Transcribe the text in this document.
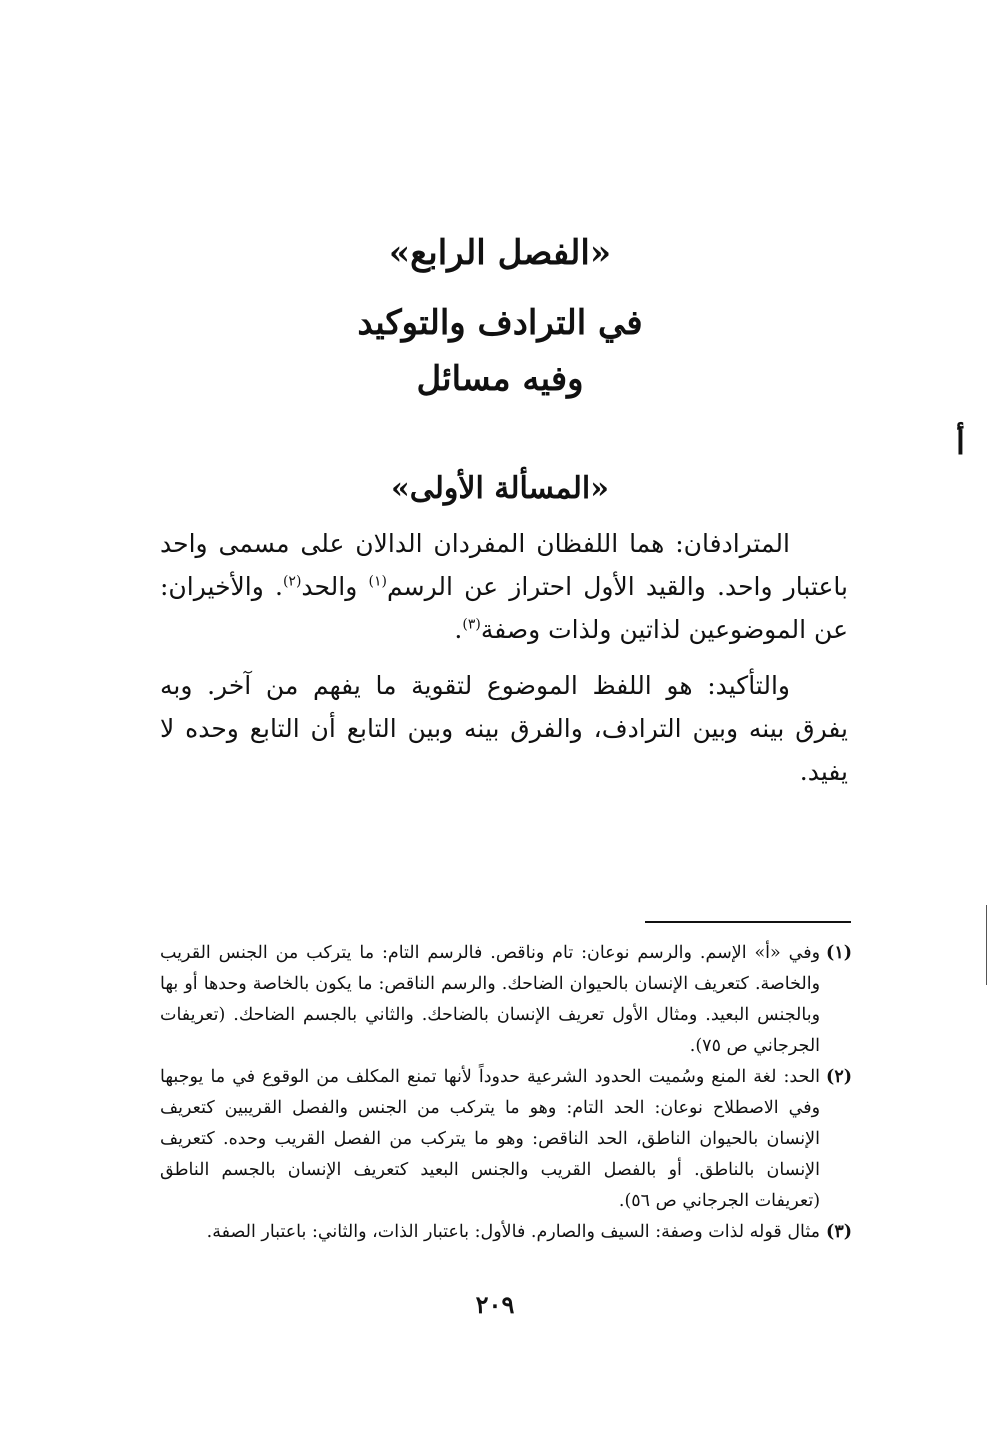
«الفصل الرابع»
في الترادف والتوكيد
وفيه مسائل
أ
«المسألة الأولى»

المترادفان: هما اللفظان المفردان الدالان على مسمى واحد باعتبار واحد. والقيد الأول احتراز عن الرسم$^{(١)}$ والحد$^{(٢)}$. والأخيران: عن الموضوعين لذاتين ولذات وصفة$^{(٣)}$.

والتأكيد: هو اللفظ الموضوع لتقوية ما يفهم من آخر. وبه يفرق بينه وبين الترادف، والفرق بينه وبين التابع أن التابع وحده لا يفيد.

(١)
وفي «أ» الإسم. والرسم نوعان: تام وناقص. فالرسم التام: ما يتركب من الجنس القريب والخاصة. كتعريف الإنسان بالحيوان الضاحك. والرسم الناقص: ما يكون بالخاصة وحدها أو بها وبالجنس البعيد. ومثال الأول تعريف الإنسان بالضاحك. والثاني بالجسم الضاحك. (تعريفات الجرجاني ص ٧٥).
(٢)
الحد: لغة المنع وسُميت الحدود الشرعية حدوداً لأنها تمنع المكلف من الوقوع في ما يوجبها وفي الاصطلاح نوعان: الحد التام: وهو ما يتركب من الجنس والفصل القريبين كتعريف الإنسان بالحيوان الناطق، الحد الناقص: وهو ما يتركب من الفصل القريب وحده. كتعريف الإنسان بالناطق. أو بالفصل القريب والجنس البعيد كتعريف الإنسان بالجسم الناطق (تعريفات الجرجاني ص ٥٦).
(٣)
مثال قوله لذات وصفة: السيف والصارم. فالأول: باعتبار الذات، والثاني: باعتبار الصفة.
٢٠٩
